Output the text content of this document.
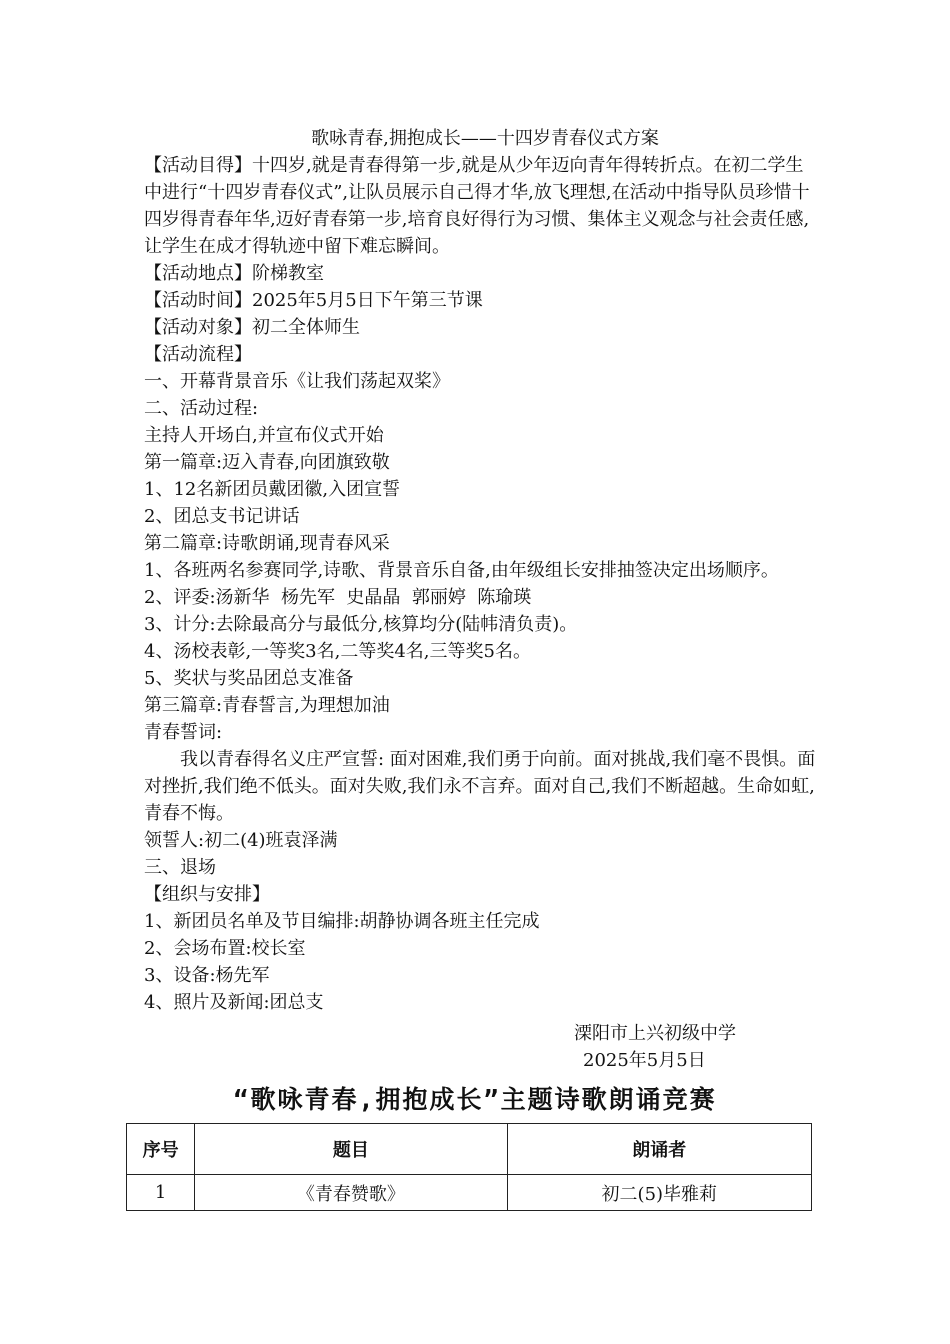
歌咏青春,拥抱成长——十四岁青春仪式方案

【活动目得】十四岁,就是青春得第一步,就是从少年迈向青年得转折点。在初二学生中进行“十四岁青春仪式”,让队员展示自己得才华,放飞理想,在活动中指导队员珍惜十四岁得青春年华,迈好青春第一步,培育良好得行为习惯、集体主义观念与社会责任感,让学生在成才得轨迹中留下难忘瞬间。

【活动地点】阶梯教室

【活动时间】2025年5月5日下午第三节课

【活动对象】初二全体师生

【活动流程】

一、开幕背景音乐《让我们荡起双桨》

二、活动过程:

主持人开场白,并宣布仪式开始

第一篇章:迈入青春,向团旗致敬

1、12名新团员戴团徽,入团宣誓

2、团总支书记讲话

第二篇章:诗歌朗诵,现青春风采

1、各班两名参赛同学,诗歌、背景音乐自备,由年级组长安排抽签决定出场顺序。

2、评委:汤新华  杨先军  史晶晶  郭丽婷  陈瑜瑛

3、计分:去除最高分与最低分,核算均分(陆帏清负责)。

4、汤校表彰,一等奖3名,二等奖4名,三等奖5名。

5、奖状与奖品团总支准备

第三篇章:青春誓言,为理想加油

青春誓词:

我以青春得名义庄严宣誓: 面对困难,我们勇于向前。面对挑战,我们毫不畏惧。面对挫折,我们绝不低头。面对失败,我们永不言弃。面对自己,我们不断超越。生命如虹,青春不悔。

领誓人:初二(4)班袁泽满

三、退场

【组织与安排】

1、新团员名单及节目编排:胡静协调各班主任完成

2、会场布置:校长室

3、设备:杨先军

4、照片及新闻:团总支

溧阳市上兴初级中学
2025年5月5日
“歌咏青春,拥抱成长”主题诗歌朗诵竞赛
序号	题目	朗诵者
1	《青春赞歌》	初二(5)毕雅莉
